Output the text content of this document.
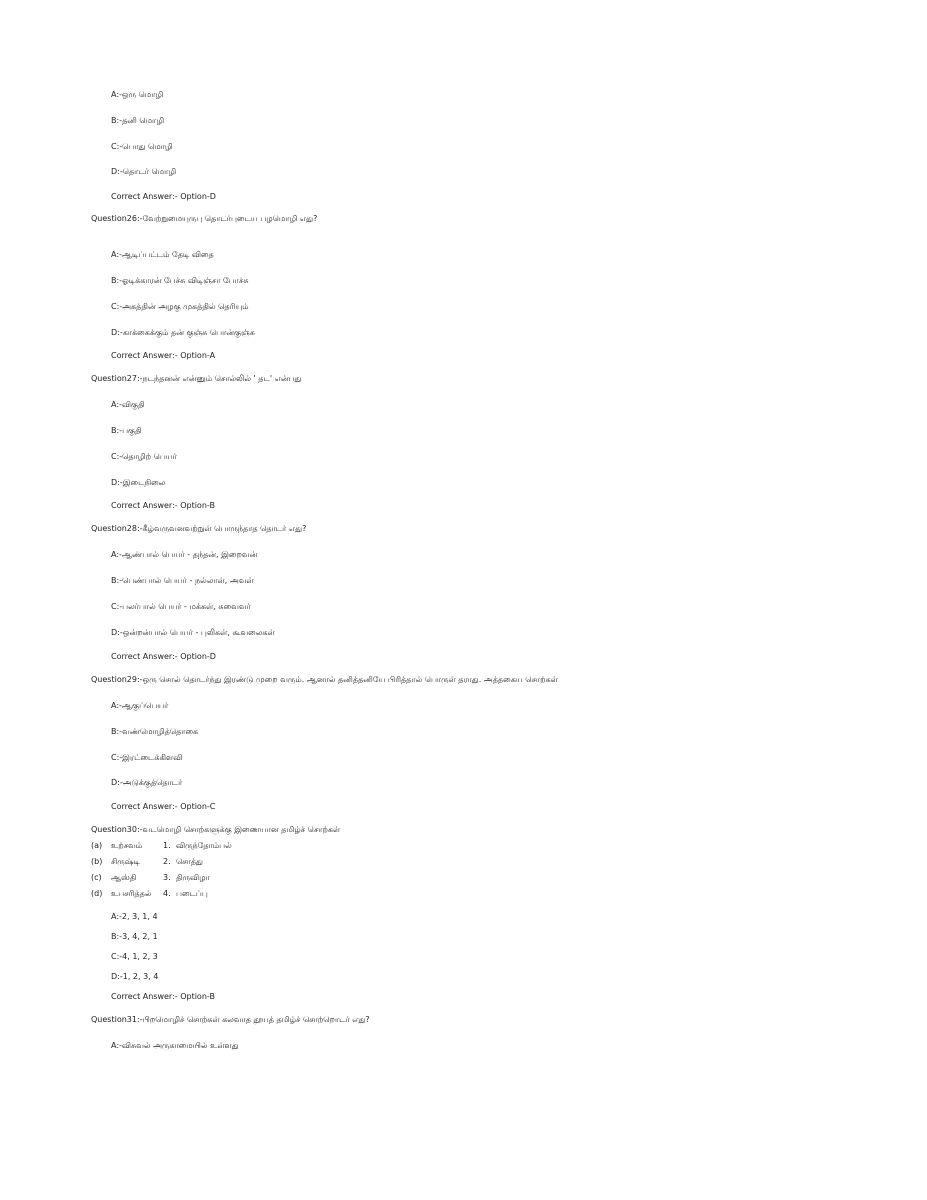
A:-ஒரு மொழி
B:-தனி மொழி
C:-பொது மொழி
D:-தொடர் மொழி
Correct Answer:- Option-D
Question26:-வேற்றுமையுருபு தொடர்புடைய பழமொழி எது?
A:-ஆடிப்பட்டம் தேடி விதை
B:-ஓடிக்காரன் பேச்சு விடிஞ்சா போச்சு
C:-அகத்தின் அழகு முகத்தில் தெரியும்
D:-காக்கைக்கும் தன் குஞ்சு பொன்குஞ்சு
Correct Answer:- Option-A
Question27:-நடந்தனன் என்னும் சொல்லில் ' தட' என்பது
A:-விகுதி
B:-பகுதி
C:-தொழிற் பெயர்
D:-இடைநிலை
Correct Answer:- Option-B
Question28:-கீழ்வருவனவற்றுள் பொருந்தாத தொடர் எது?
A:-ஆண்பால் பெயர் - தந்தன், இறைவன்
B:-பெண்பால் பெயர் - நல்லாள், அவள்
C:-பலர்பால் பெயர் - மக்கள், சுவைவர்
D:-ஒன்றன்பால் பெயர் - புலிகள், கூவலைகள்
Correct Answer:- Option-D
Question29:-ஒரு சொல் தொடர்ந்து இரண்டு முறை வரும். ஆனால் தனித்தனியே பிரித்தால் பொருள் தராது. அத்தகைய சொற்கள்
A:-ஆகுப்பெயர்
B:-வண்மொழித்தொகை
C:-இரட்டைக்கிளவி
D:-அடுக்குத்தொடர்
Correct Answer:- Option-C
Question30:-வடமொழி சொற்களுக்கு இணையான தமிழ்ச் சொற்கள்
(a) உற்சவம்	1. விருந்தோம்பல்
(b) சிருஷ்டி	2. சொத்து
(c) ஆஸ்தி	3. திருவிழா
(d) உபசரித்தல் 4. படைப்பு
A:-2, 3, 1, 4
B:-3, 4, 2, 1
C:-4, 1, 2, 3
D:-1, 2, 3, 4
Correct Answer:- Option-B
Question31:-பிறமொழிச் சொற்கள் கலவாத தூயத் தமிழ்ச் சொற்றொடர் எது?
A:-விசுவல் அருகாமையில் உள்ளது
